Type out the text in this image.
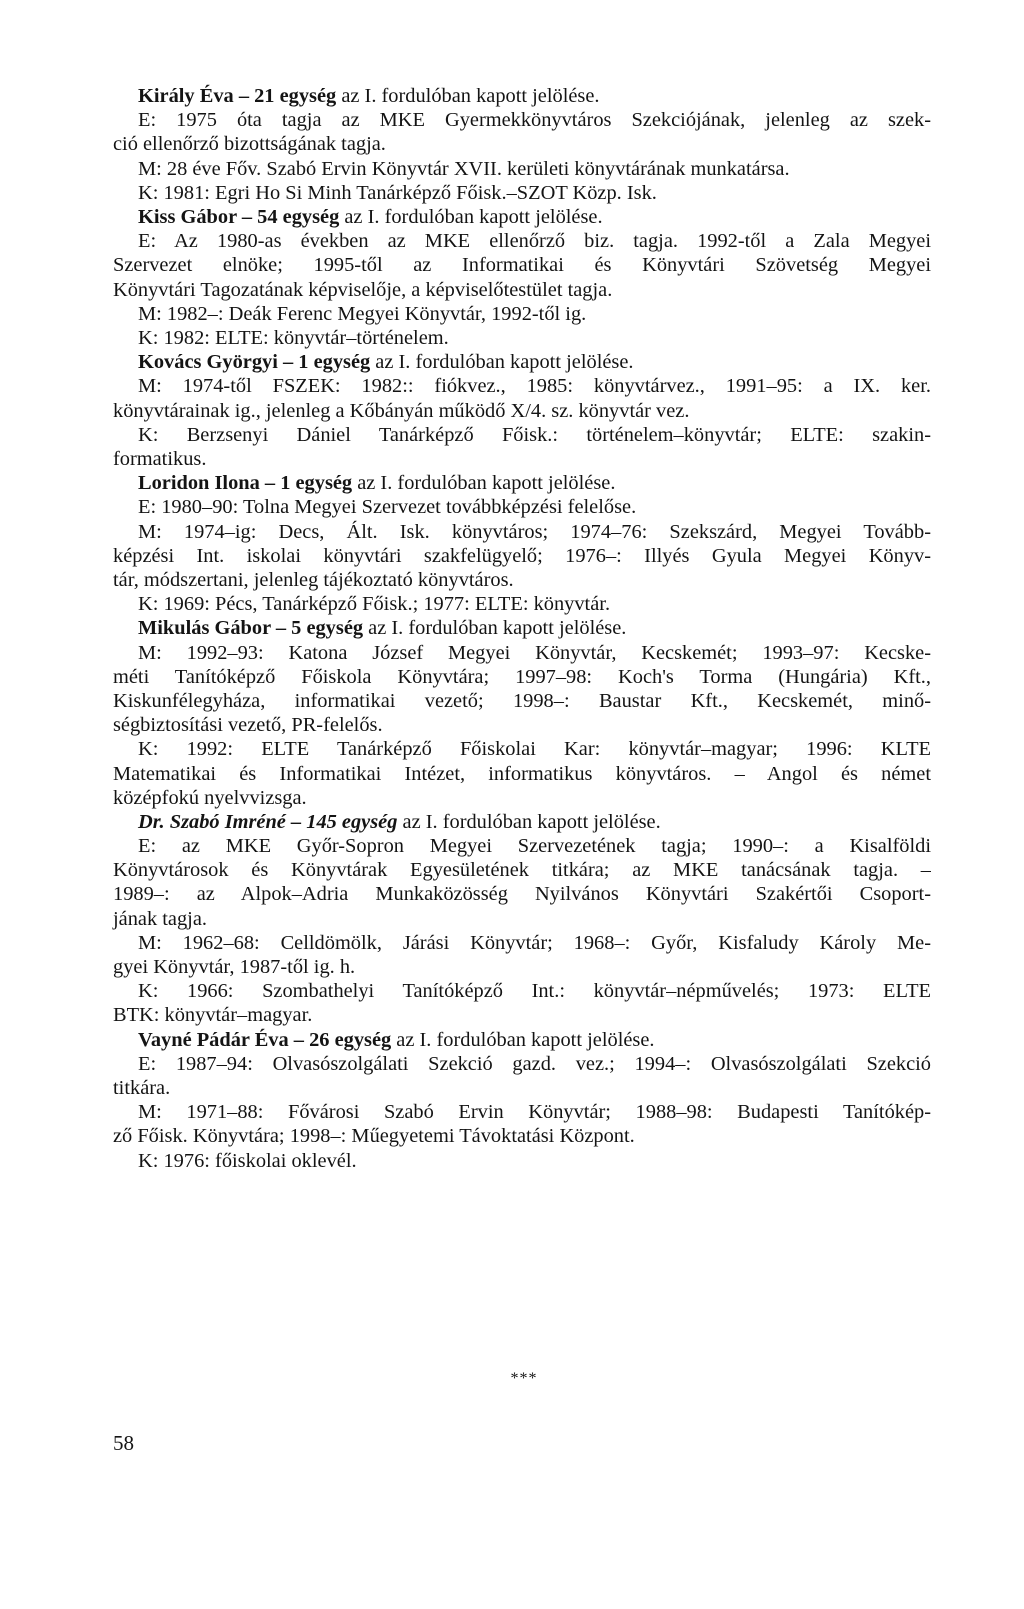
Király Éva – 21 egység az I. fordulóban kapott jelölése.
E: 1975 óta tagja az MKE Gyermekkönyvtáros Szekciójának, jelenleg az szek-
ció ellenőrző bizottságának tagja.
M: 28 éve Főv. Szabó Ervin Könyvtár XVII. kerületi könyvtárának munkatársa.
K: 1981: Egri Ho Si Minh Tanárképző Főisk.–SZOT Közp. Isk.
Kiss Gábor – 54 egység az I. fordulóban kapott jelölése.
E: Az 1980-as években az MKE ellenőrző biz. tagja. 1992-től a Zala Megyei
Szervezet elnöke; 1995-től az Informatikai és Könyvtári Szövetség Megyei
Könyvtári Tagozatának képviselője, a képviselőtestület tagja.
M: 1982–: Deák Ferenc Megyei Könyvtár, 1992-től ig.
K: 1982: ELTE: könyvtár–történelem.
Kovács Györgyi – 1 egység az I. fordulóban kapott jelölése.
M: 1974-től FSZEK: 1982:: fiókvez., 1985: könyvtárvez., 1991–95: a IX. ker.
könyvtárainak ig., jelenleg a Kőbányán működő X/4. sz. könyvtár vez.
K: Berzsenyi Dániel Tanárképző Főisk.: történelem–könyvtár; ELTE: szakin-
formatikus.
Loridon Ilona – 1 egység az I. fordulóban kapott jelölése.
E: 1980–90: Tolna Megyei Szervezet továbbképzési felelőse.
M: 1974–ig: Decs, Ált. Isk. könyvtáros; 1974–76: Szekszárd, Megyei Tovább-
képzési Int. iskolai könyvtári szakfelügyelő; 1976–: Illyés Gyula Megyei Könyv-
tár, módszertani, jelenleg tájékoztató könyvtáros.
K: 1969: Pécs, Tanárképző Főisk.; 1977: ELTE: könyvtár.
Mikulás Gábor – 5 egység az I. fordulóban kapott jelölése.
M: 1992–93: Katona József Megyei Könyvtár, Kecskemét; 1993–97: Kecske-
méti Tanítóképző Főiskola Könyvtára; 1997–98: Koch's Torma (Hungária) Kft.,
Kiskunfélegyháza, informatikai vezető; 1998–: Baustar Kft., Kecskemét, minő-
ségbiztosítási vezető, PR-felelős.
K: 1992: ELTE Tanárképző Főiskolai Kar: könyvtár–magyar; 1996: KLTE
Matematikai és Informatikai Intézet, informatikus könyvtáros. – Angol és német
középfokú nyelvvizsga.
Dr. Szabó Imréné – 145 egység az I. fordulóban kapott jelölése.
E: az MKE Győr-Sopron Megyei Szervezetének tagja; 1990–: a Kisalföldi
Könyvtárosok és Könyvtárak Egyesületének titkára; az MKE tanácsának tagja. –
1989–: az Alpok–Adria Munkaközösség Nyilvános Könyvtári Szakértői Csoport-
jának tagja.
M: 1962–68: Celldömölk, Járási Könyvtár; 1968–: Győr, Kisfaludy Károly Me-
gyei Könyvtár, 1987-től ig. h.
K: 1966: Szombathelyi Tanítóképző Int.: könyvtár–népművelés; 1973: ELTE
BTK: könyvtár–magyar.
Vayné Pádár Éva – 26 egység az I. fordulóban kapott jelölése.
E: 1987–94: Olvasószolgálati Szekció gazd. vez.; 1994–: Olvasószolgálati Szekció
titkára.
M: 1971–88: Fővárosi Szabó Ervin Könyvtár; 1988–98: Budapesti Tanítókép-
ző Főisk. Könyvtára; 1998–: Műegyetemi Távoktatási Központ.
K: 1976: főiskolai oklevél.
***
58
